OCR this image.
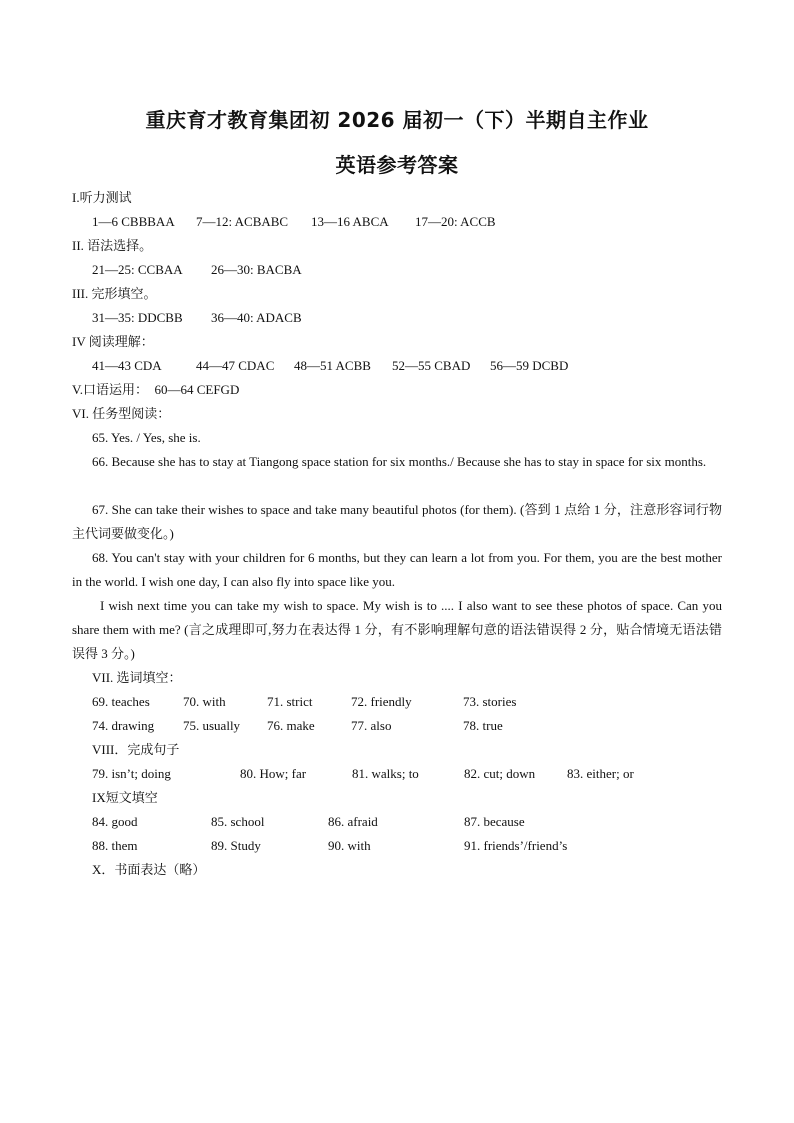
重庆育才教育集团初 2026 届初一（下）半期自主作业
英语参考答案
I.听力测试
1—6 CBBBAA 7—12: ACBABC 13—16 ABCA 17—20: ACCB
II. 语法选择。
21—25: CCBAA 26—30: BACBA
III. 完形填空。
31—35: DDCBB 36—40: ADACB
IV 阅读理解：
41—43 CDA	44—47 CDAC 48—51 ACBB 52—55 CBAD 56—59 DCBD
V.口语运用：  60—64 CEFGD
VI. 任务型阅读：
65. Yes. / Yes, she is.
66. Because she has to stay at Tiangong space station for six months./ Because she has to stay in space for six months.
67. She can take their wishes to space and take many beautiful photos (for them). (答到 1 点给 1 分，注意形容词行物主代词要做变化。)
68. You can't stay with your children for 6 months, but they can learn a lot from you. For them, you are the best mother in the world. I wish one day, I can also fly into space like you.
I wish next time you can take my wish to space. My wish is to .... I also want to see these photos of space. Can you share them with me? (言之成理即可,努力在表达得 1 分，有不影响理解句意的语法错误得 2 分，贴合情境无语法错误得 3 分。)
VII. 选词填空：
69. teaches	70. with	71. strict	72. friendly	73. stories
74. drawing 75. usually 76. make	77. also	78. true
VIII．完成句子
79. isn’t; doing	80. How; far	81. walks; to	82. cut; down 83. either; or
IX短文填空
84. good	85. school	86. afraid	87. because
88. them	89. Study	90. with	91. friends’/friend’s
X．书面表达（略）
